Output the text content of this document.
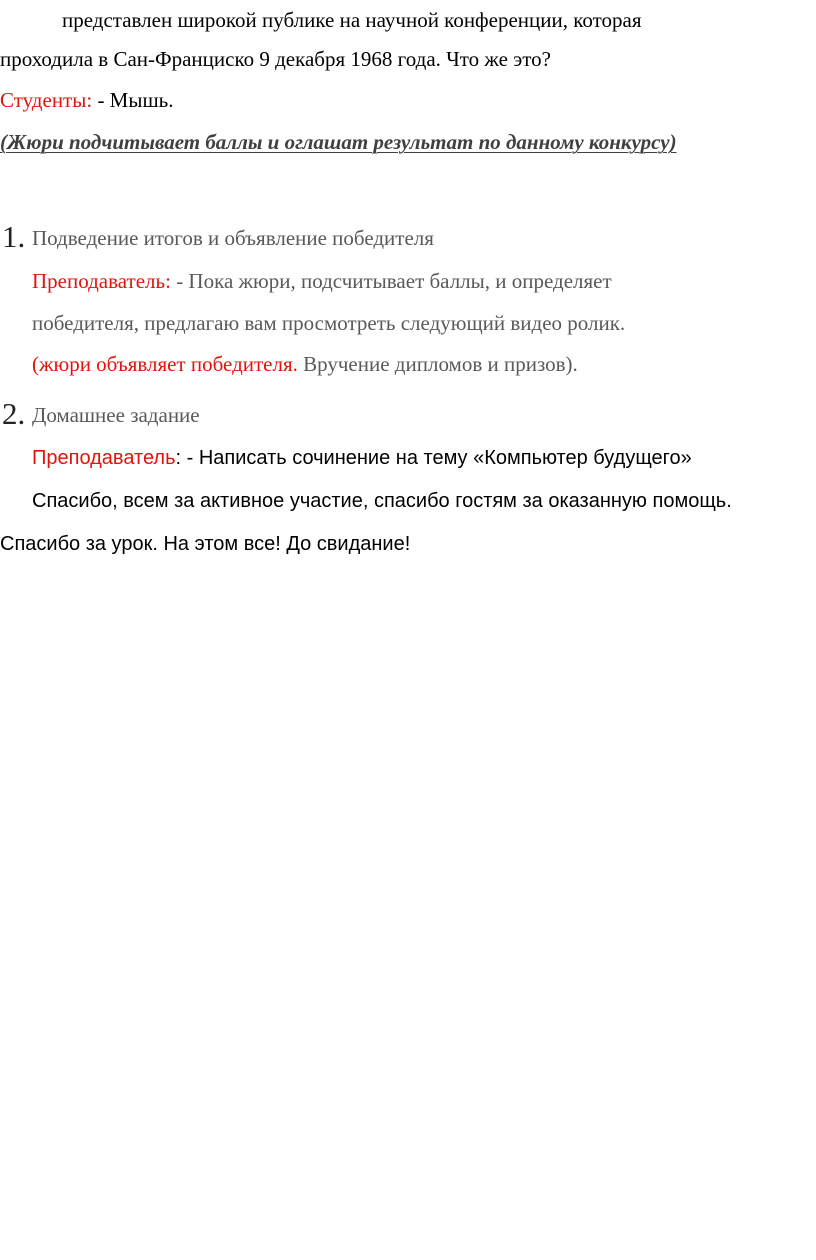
представлен широкой публике на научной конференции, которая
проходила в Сан-Франциско 9 декабря 1968 года. Что же это?
Студенты: - Мышь.
(Жюри подчитывает баллы и оглашат результат по данному конкурсу)
1. Подведение итогов и объявление победителя
Преподаватель: - Пока жюри, подсчитывает баллы, и определяет
победителя, предлагаю вам просмотреть следующий видео ролик.
(жюри объявляет победителя. Вручение дипломов и призов).
2. Домашнее задание
Преподаватель: - Написать сочинение на тему «Компьютер будущего»
Спасибо, всем за активное участие, спасибо гостям за оказанную помощь.
Спасибо за урок. На этом все! До свидание!
